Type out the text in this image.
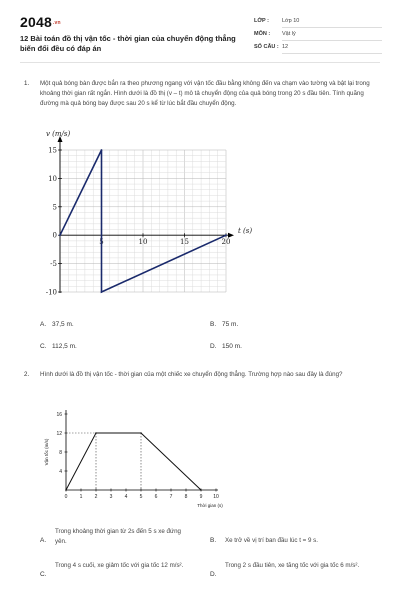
$2048^{.vn}$
12 Bài toán đồ thị vận tốc - thời gian của chuyển động thẳng biến đổi đều có đáp án
LỚP : Lớp 10
MÔN : Vật lý
SỐ CÂU : 12
1. Một quả bóng bàn được bắn ra theo phương ngang với vận tốc đầu bằng không đến va chạm vào tường và bật lại trong khoảng thời gian rất ngắn. Hình dưới là đồ thị (v – t) mô tả chuyển động của quả bóng trong 20 s đầu tiên. Tính quãng đường mà quả bóng bay được sau 20 s kể từ lúc bắt đầu chuyển động.
15
10
5
0
-5
-10
5	10	15	20
v (m/s)
t (s)
A. 37,5 m.	B. 75 m.
C. 112,5 m.	D. 150 m.
2. Hình dưới là đồ thị vận tốc - thời gian của một chiếc xe chuyển động thẳng. Trường hợp nào sau đây là đúng?
16
12
8
4
0 1 2 3 4 5 6 7 8 9 10
Thời gian (s)
Vận tốc (m/s)
A.
Trong khoảng thời gian từ 2s đến 5 s xe đứng yên.	B. Xe trở về vị trí ban đầu lúc t = 9 s.
C.
Trong 4 s cuối, xe giảm tốc với gia tốc 12 m/s².
D.
Trong 2 s đầu tiên, xe tăng tốc với gia tốc 6 m/s².
